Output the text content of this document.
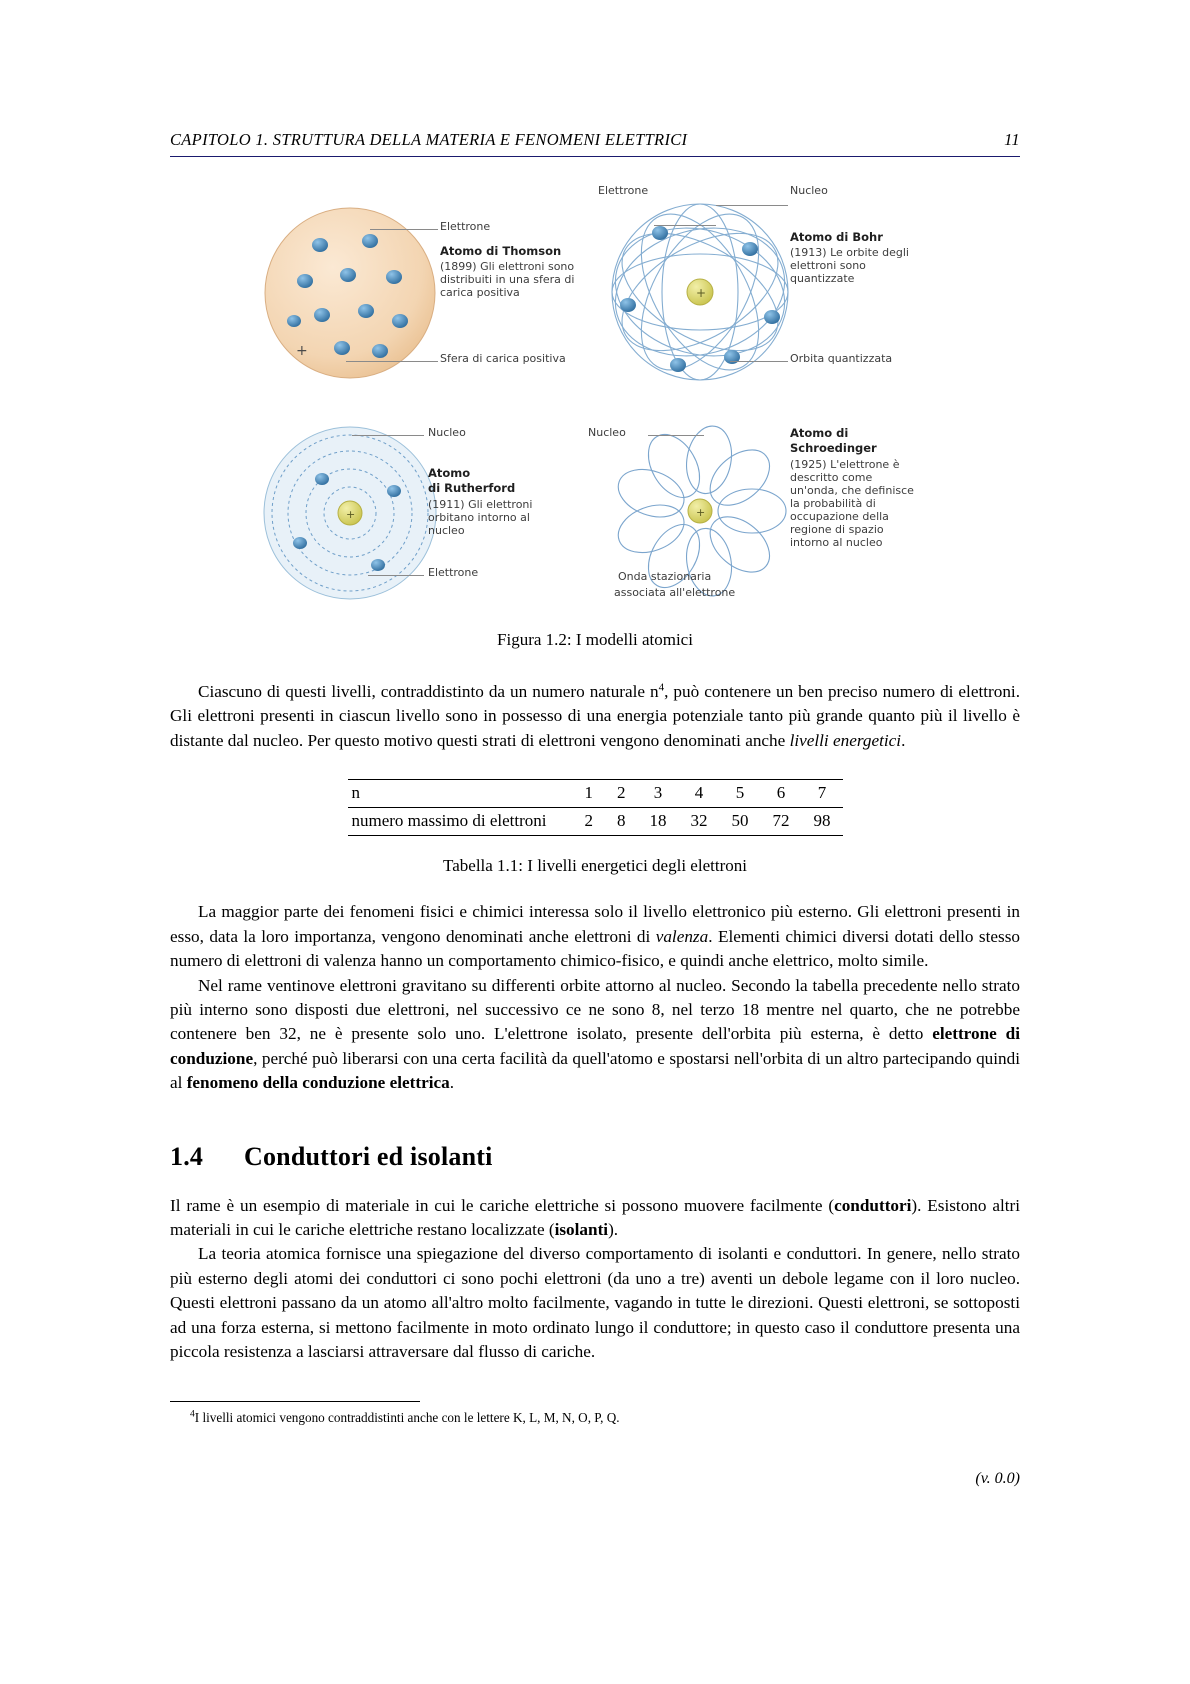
CAPITOLO 1. STRUTTURA DELLA MATERIA E FENOMENI ELETTRICI	11
+
Elettrone
Sfera di carica positiva
Atomo di Thomson
(1899) Gli elettroni sono distribuiti in una sfera di carica positiva	+
Elettrone	Nucleo
Atomo di Bohr
(1913) Le orbite degli elettroni sono quantizzate
Orbita quantizzata
+
Nucleo
Atomo
di Rutherford
(1911) Gli elettroni orbitano intorno al nucleo
Elettrone
+
Nucleo	Atomo di
Schroedinger
(1925) L'elettrone è descritto come un'onda, che definisce la probabilità di occupazione della regione di spazio intorno al nucleo
Onda stazionaria
associata all'elettrone
Figura 1.2: I modelli atomici

Ciascuno di questi livelli, contraddistinto da un numero naturale $n^4$, può contenere un ben preciso numero di elettroni. Gli elettroni presenti in ciascun livello sono in possesso di una energia potenziale tanto più grande quanto più il livello è distante dal nucleo. Per questo motivo questi strati di elettroni vengono denominati anche livelli energetici.

n	1	2	3	4	5	6	7
numero massimo di elettroni	2	8	18	32	50	72	98
Tabella 1.1: I livelli energetici degli elettroni

La maggior parte dei fenomeni fisici e chimici interessa solo il livello elettronico più esterno. Gli elettroni presenti in esso, data la loro importanza, vengono denominati anche elettroni di valenza. Elementi chimici diversi dotati dello stesso numero di elettroni di valenza hanno un comportamento chimico-fisico, e quindi anche elettrico, molto simile.

Nel rame ventinove elettroni gravitano su differenti orbite attorno al nucleo. Secondo la tabella precedente nello strato più interno sono disposti due elettroni, nel successivo ce ne sono 8, nel terzo 18 mentre nel quarto, che ne potrebbe contenere ben 32, ne è presente solo uno. L'elettrone isolato, presente dell'orbita più esterna, è detto elettrone di conduzione, perché può liberarsi con una certa facilità da quell'atomo e spostarsi nell'orbita di un altro partecipando quindi al fenomeno della conduzione elettrica.

1.4 Conduttori ed isolanti

Il rame è un esempio di materiale in cui le cariche elettriche si possono muovere facilmente (conduttori). Esistono altri materiali in cui le cariche elettriche restano localizzate (isolanti).

La teoria atomica fornisce una spiegazione del diverso comportamento di isolanti e conduttori. In genere, nello strato più esterno degli atomi dei conduttori ci sono pochi elettroni (da uno a tre) aventi un debole legame con il loro nucleo. Questi elettroni passano da un atomo all'altro molto facilmente, vagando in tutte le direzioni. Questi elettroni, se sottoposti ad una forza esterna, si mettono facilmente in moto ordinato lungo il conduttore; in questo caso il conduttore presenta una piccola resistenza a lasciarsi attraversare dal flusso di cariche.

$^4$I livelli atomici vengono contraddistinti anche con le lettere K, L, M, N, O, P, Q.
(v. 0.0)
